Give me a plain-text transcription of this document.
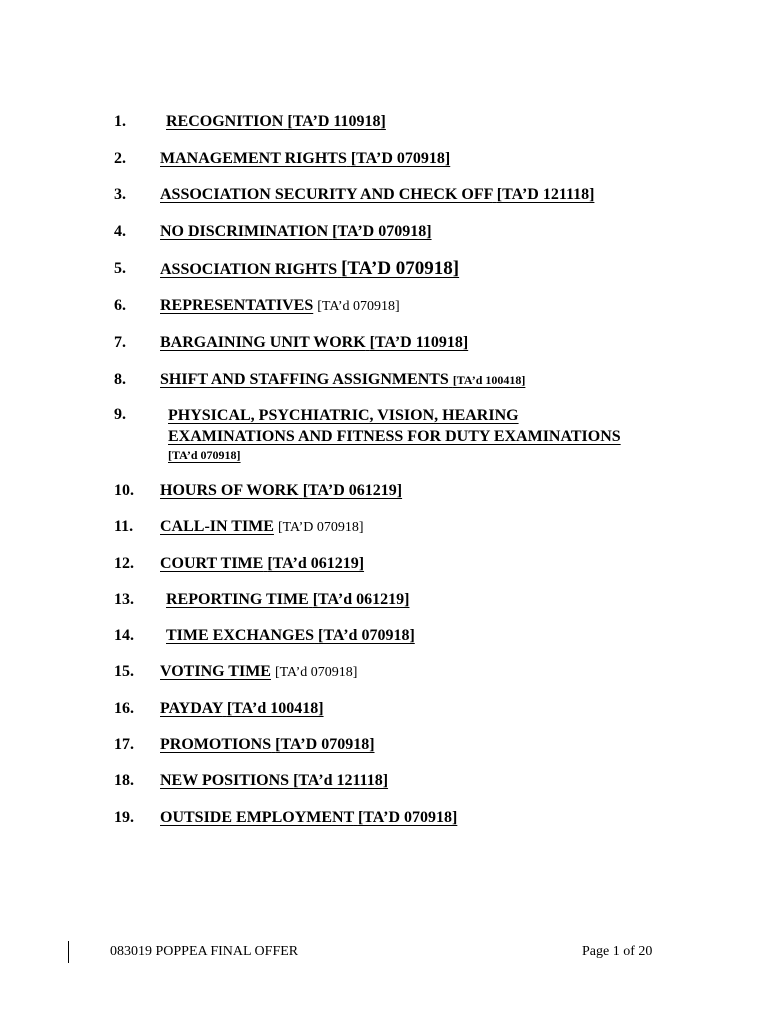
1.	RECOGNITION [TA’D 110918]
2. MANAGEMENT RIGHTS [TA’D 070918]
3. ASSOCIATION SECURITY AND CHECK OFF [TA’D 121118]
4. NO DISCRIMINATION [TA’D 070918]
5. ASSOCIATION RIGHTS [TA’D 070918]
6. REPRESENTATIVES [TA’d 070918]
7. BARGAINING UNIT WORK [TA’D 110918]
8. SHIFT AND STAFFING ASSIGNMENTS [TA’d 100418]
9.	PHYSICAL, PSYCHIATRIC, VISION, HEARING
EXAMINATIONS AND FITNESS FOR DUTY EXAMINATIONS
[TA’d 070918]
10. HOURS OF WORK [TA’D 061219]
11. CALL-IN TIME [TA’D 070918]
12. COURT TIME [TA’d 061219]
13. REPORTING TIME [TA’d 061219]
14. TIME EXCHANGES [TA’d 070918]
15. VOTING TIME [TA’d 070918]
16. PAYDAY [TA’d 100418]
17. PROMOTIONS [TA’D 070918]
18. NEW POSITIONS [TA’d 121118]
19. OUTSIDE EMPLOYMENT [TA’D 070918]
083019 POPPEA FINAL OFFER	Page 1 of 20
